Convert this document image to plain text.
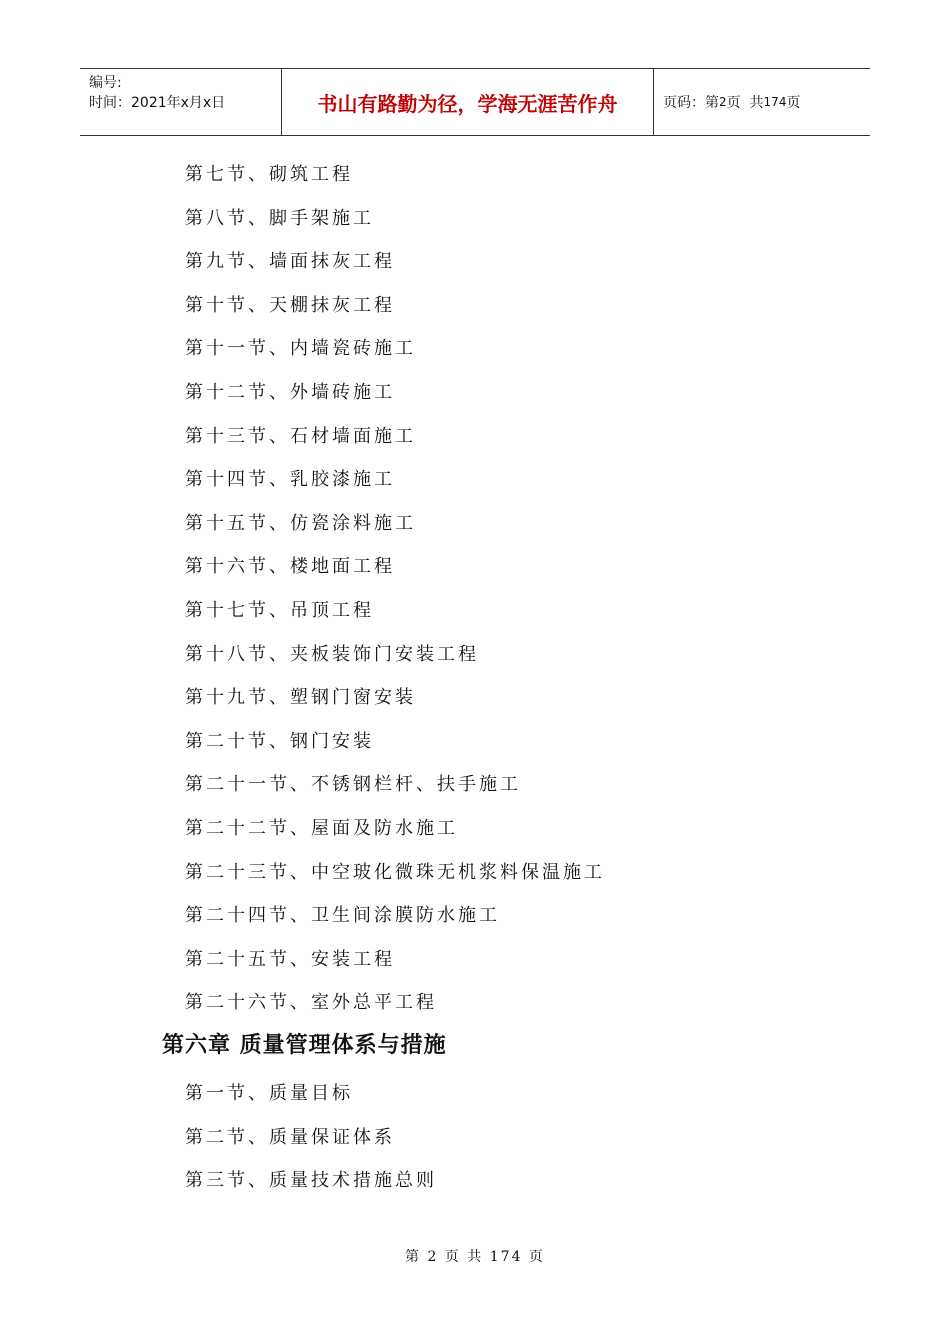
编号:
时间：2021年x月x日	书山有路勤为径，学海无涯苦作舟	页码：第 2 页  共 174 页
第七节、砌筑工程
第八节、脚手架施工
第九节、墙面抹灰工程
第十节、天棚抹灰工程
第十一节、内墙瓷砖施工
第十二节、外墙砖施工
第十三节、石材墙面施工
第十四节、乳胶漆施工
第十五节、仿瓷涂料施工
第十六节、楼地面工程
第十七节、吊顶工程
第十八节、夹板装饰门安装工程
第十九节、塑钢门窗安装
第二十节、钢门安装
第二十一节、不锈钢栏杆、扶手施工
第二十二节、屋面及防水施工
第二十三节、中空玻化微珠无机浆料保温施工
第二十四节、卫生间涂膜防水施工
第二十五节、安装工程
第二十六节、室外总平工程
第六章 质量管理体系与措施
第一节、质量目标
第二节、质量保证体系
第三节、质量技术措施总则
第 2 页 共 174 页
